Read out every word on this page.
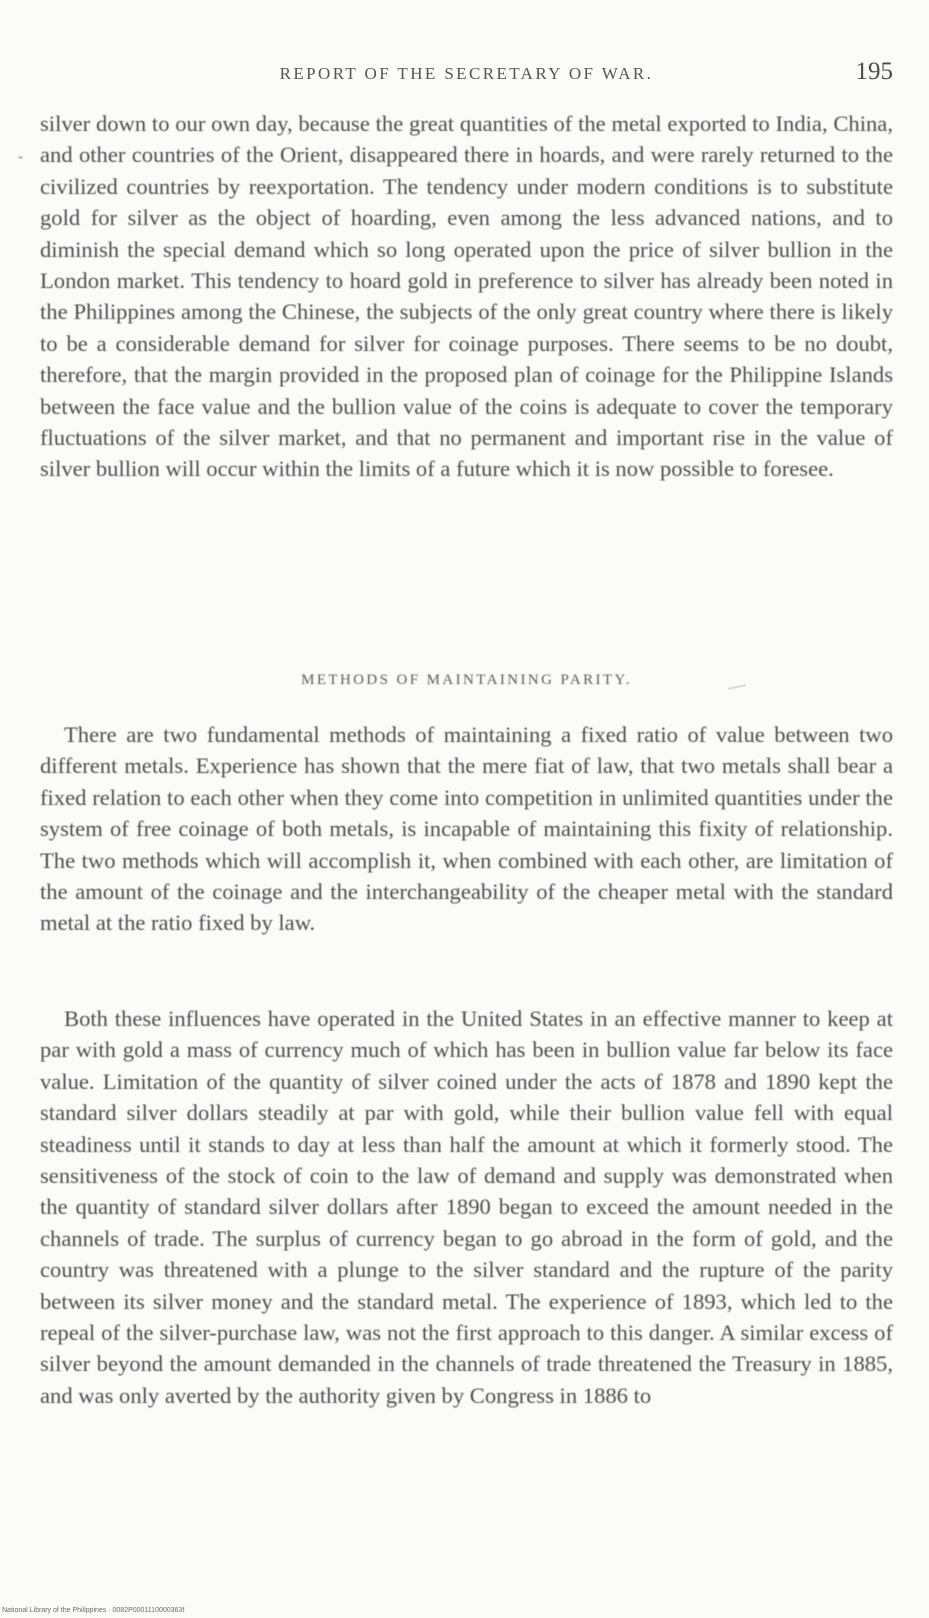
REPORT OF THE SECRETARY OF WAR.	195

silver down to our own day, because the great quantities of the metal exported to India, China, and other countries of the Orient, disappeared there in hoards, and were rarely returned to the civilized countries by reexportation. The tendency under modern conditions is to substitute gold for silver as the object of hoarding, even among the less advanced nations, and to diminish the special demand which so long operated upon the price of silver bullion in the London market. This tendency to hoard gold in preference to silver has already been noted in the Philippines among the Chinese, the subjects of the only great country where there is likely to be a considerable demand for silver for coinage purposes. There seems to be no doubt, therefore, that the margin provided in the proposed plan of coinage for the Philippine Islands between the face value and the bullion value of the coins is adequate to cover the temporary fluctuations of the silver market, and that no permanent and important rise in the value of silver bullion will occur within the limits of a future which it is now possible to foresee.

METHODS OF MAINTAINING PARITY.

There are two fundamental methods of maintaining a fixed ratio of value between two different metals. Experience has shown that the mere fiat of law, that two metals shall bear a fixed relation to each other when they come into competition in unlimited quantities under the system of free coinage of both metals, is incapable of maintaining this fixity of relationship. The two methods which will accomplish it, when combined with each other, are limitation of the amount of the coinage and the interchangeability of the cheaper metal with the standard metal at the ratio fixed by law.

Both these influences have operated in the United States in an effective manner to keep at par with gold a mass of currency much of which has been in bullion value far below its face value. Limitation of the quantity of silver coined under the acts of 1878 and 1890 kept the standard silver dollars steadily at par with gold, while their bullion value fell with equal steadiness until it stands to day at less than half the amount at which it formerly stood. The sensitiveness of the stock of coin to the law of demand and supply was demonstrated when the quantity of standard silver dollars after 1890 began to exceed the amount needed in the channels of trade. The surplus of currency began to go abroad in the form of gold, and the country was threatened with a plunge to the silver standard and the rupture of the parity between its silver money and the standard metal. The experience of 1893, which led to the repeal of the silver-purchase law, was not the first approach to this danger. A similar excess of silver beyond the amount demanded in the channels of trade threatened the Treasury in 1885, and was only averted by the authority given by Congress in 1886 to

National Library of the Philippines · 0082P0001110000363f
